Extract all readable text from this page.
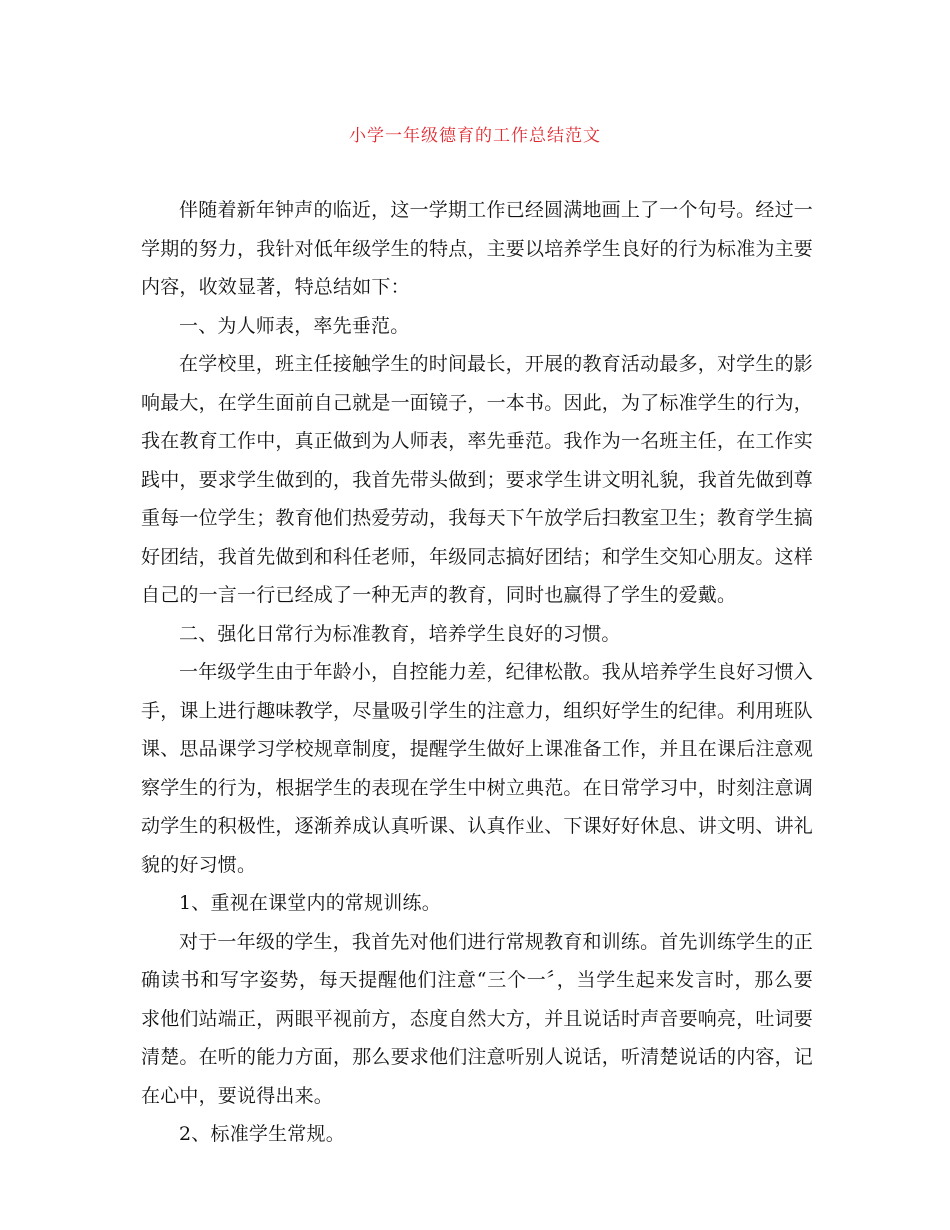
小学一年级德育的工作总结范文

伴随着新年钟声的临近，这一学期工作已经圆满地画上了一个句号。经过一学期的努力，我针对低年级学生的特点，主要以培养学生良好的行为标准为主要内容，收效显著，特总结如下：

一、为人师表，率先垂范。

在学校里，班主任接触学生的时间最长，开展的教育活动最多，对学生的影响最大，在学生面前自己就是一面镜子，一本书。因此，为了标准学生的行为，我在教育工作中，真正做到为人师表，率先垂范。我作为一名班主任，在工作实践中，要求学生做到的，我首先带头做到；要求学生讲文明礼貌，我首先做到尊重每一位学生；教育他们热爱劳动，我每天下午放学后扫教室卫生；教育学生搞好团结，我首先做到和科任老师，年级同志搞好团结；和学生交知心朋友。这样自己的一言一行已经成了一种无声的教育，同时也赢得了学生的爱戴。

二、强化日常行为标准教育，培养学生良好的习惯。

一年级学生由于年龄小，自控能力差，纪律松散。我从培养学生良好习惯入手，课上进行趣味教学，尽量吸引学生的注意力，组织好学生的纪律。利用班队课、思品课学习学校规章制度，提醒学生做好上课准备工作，并且在课后注意观察学生的行为，根据学生的表现在学生中树立典范。在日常学习中，时刻注意调动学生的积极性，逐渐养成认真听课、认真作业、下课好好休息、讲文明、讲礼貌的好习惯。

1、重视在课堂内的常规训练。

对于一年级的学生，我首先对他们进行常规教育和训练。首先训练学生的正确读书和写字姿势，每天提醒他们注意“三个一〞，当学生起来发言时，那么要求他们站端正，两眼平视前方，态度自然大方，并且说话时声音要响亮，吐词要清楚。在听的能力方面，那么要求他们注意听别人说话，听清楚说话的内容，记在心中，要说得出来。

2、标准学生常规。
